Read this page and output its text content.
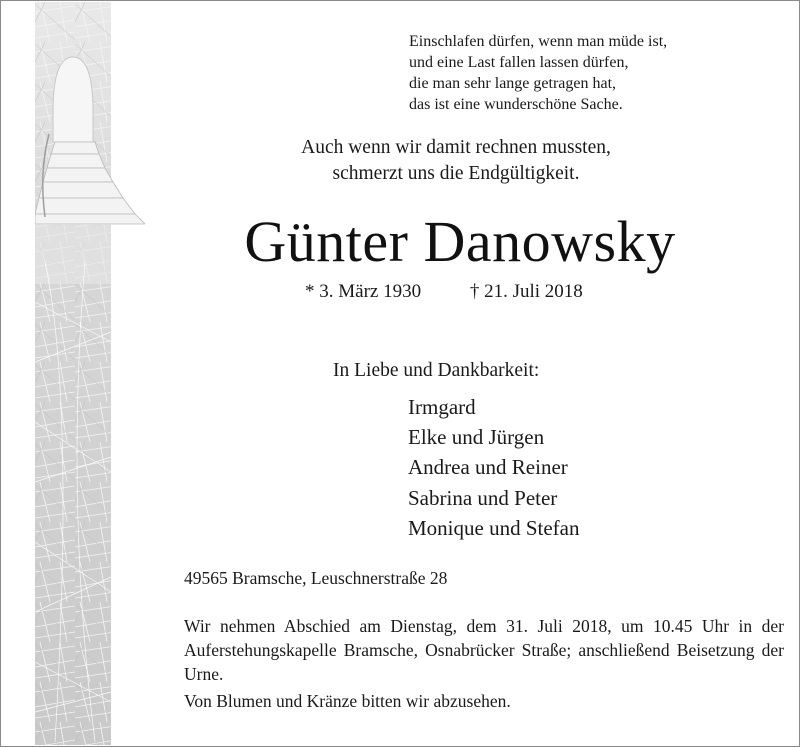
Einschlafen dürfen, wenn man müde ist,
und eine Last fallen lassen dürfen,
die man sehr lange getragen hat,
das ist eine wunderschöne Sache.
Auch wenn wir damit rechnen mussten,
schmerzt uns die Endgültigkeit.
Günter Danowsky
* 3. März 1930	† 21. Juli 2018
In Liebe und Dankbarkeit:
Irmgard
Elke und Jürgen
Andrea und Reiner
Sabrina und Peter
Monique und Stefan
49565 Bramsche, Leuschnerstraße 28
Wir nehmen Abschied am Dienstag, dem 31. Juli 2018, um 10.45 Uhr in der Auferstehungskapelle Bramsche, Osnabrücker Straße; anschließend Beisetzung der Urne.
Von Blumen und Kränze bitten wir abzusehen.
